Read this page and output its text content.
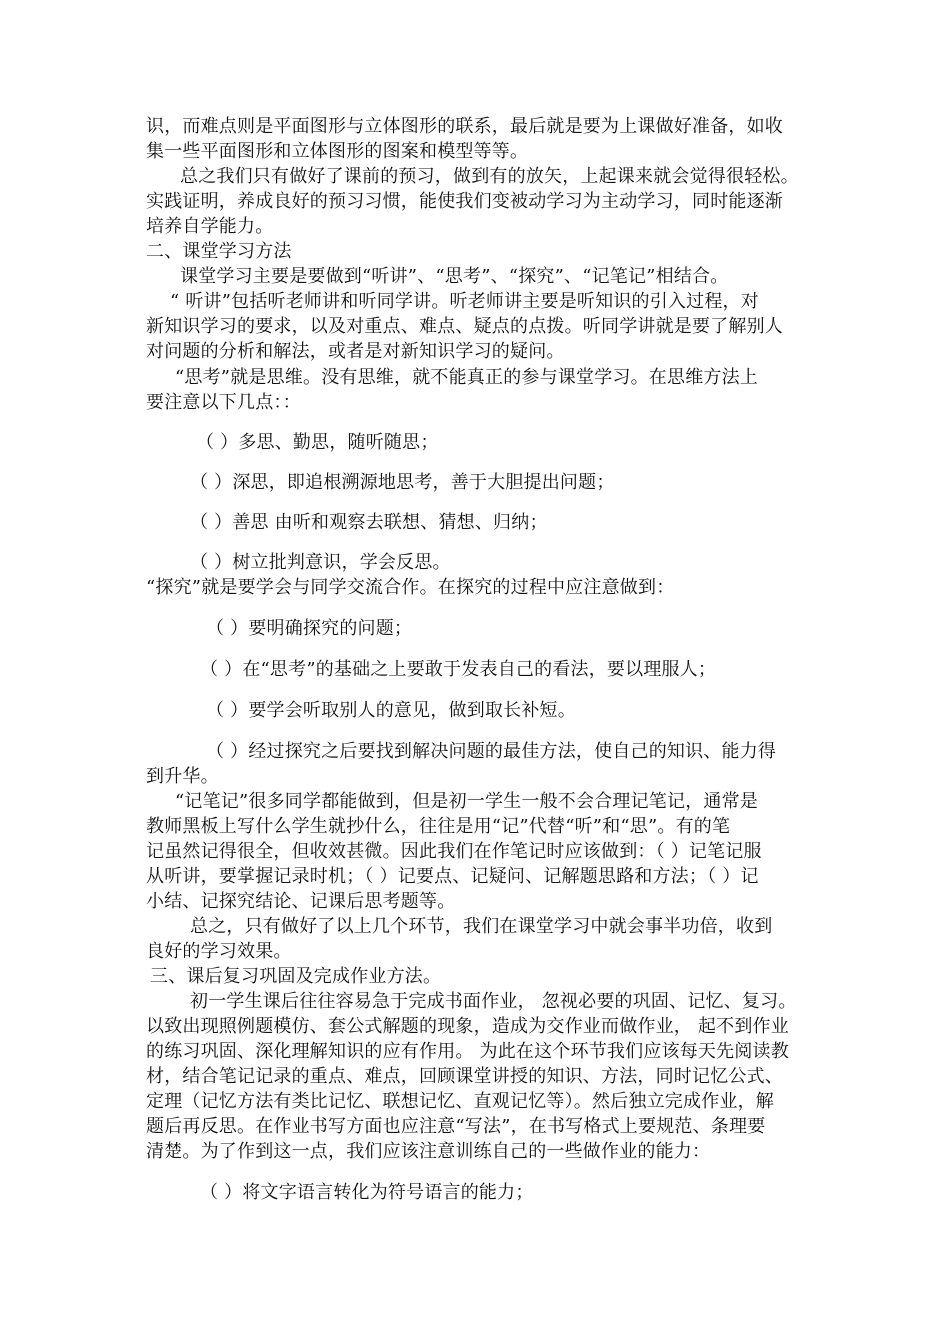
识，而难点则是平面图形与立体图形的联系，最后就是要为上课做好准备，如收
集一些平面图形和立体图形的图案和模型等等。
总之我们只有做好了课前的预习，做到有的放矢，上起课来就会觉得很轻松。
实践证明，养成良好的预习习惯，能使我们变被动学习为主动学习，同时能逐渐
培养自学能力。
二、课堂学习方法
课堂学习主要是要做到“听讲”、“思考”、“探究”、“记笔记”相结合。
“ 听讲”包括听老师讲和听同学讲。听老师讲主要是听知识的引入过程，对
新知识学习的要求，以及对重点、难点、疑点的点拨。听同学讲就是要了解别人
对问题的分析和解法，或者是对新知识学习的疑问。
“思考”就是思维。没有思维，就不能真正的参与课堂学习。在思维方法上
要注意以下几点：：
（ ）多思、勤思，随听随思；
（ ）深思，即追根溯源地思考，善于大胆提出问题；
（ ）善思 由听和观察去联想、猜想、归纳；
（ ）树立批判意识，学会反思。
“探究”就是要学会与同学交流合作。在探究的过程中应注意做到：
（ ）要明确探究的问题；
（ ）在“思考”的基础之上要敢于发表自己的看法，要以理服人；
（ ）要学会听取别人的意见，做到取长补短。
（ ）经过探究之后要找到解决问题的最佳方法，使自己的知识、能力得
到升华。
“记笔记”很多同学都能做到，但是初一学生一般不会合理记笔记，通常是
教师黑板上写什么学生就抄什么，往往是用“记”代替“听”和“思”。有的笔
记虽然记得很全，但收效甚微。因此我们在作笔记时应该做到：（ ）记笔记服
从听讲，要掌握记录时机；（ ）记要点、记疑问、记解题思路和方法；（ ）记
小结、记探究结论、记课后思考题等。
总之，只有做好了以上几个环节，我们在课堂学习中就会事半功倍，收到
良好的学习效果。
三、课后复习巩固及完成作业方法。
初一学生课后往往容易急于完成书面作业， 忽视必要的巩固、记忆、复习。
以致出现照例题模仿、套公式解题的现象，造成为交作业而做作业， 起不到作业
的练习巩固、深化理解知识的应有作用。 为此在这个环节我们应该每天先阅读教
材，结合笔记记录的重点、难点，回顾课堂讲授的知识、方法，同时记忆公式、
定理（记忆方法有类比记忆、联想记忆、直观记忆等）。然后独立完成作业，解
题后再反思。在作业书写方面也应注意“写法”，在书写格式上要规范、条理要
清楚。为了作到这一点，我们应该注意训练自己的一些做作业的能力：
（ ）将文字语言转化为符号语言的能力；
